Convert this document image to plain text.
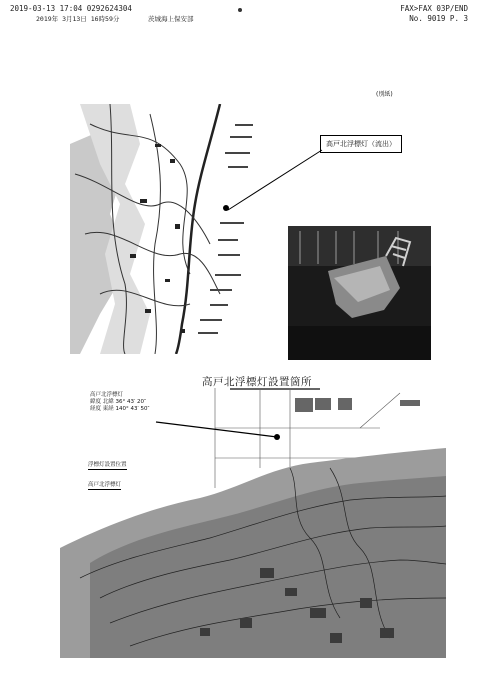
2019-03-13 17:04 0292624304	FAX>FAX 03P/END
2019年 3月13日 16時59分	茨城海上保安部	No. 9019 P. 3
(別紙)
高戸北浮標灯（流出）
高戸北浮標灯設置箇所
高戸北浮標灯
緯度 北緯 36° 43′ 20″
経度 東経 140° 43′ 50″
浮標灯設置位置
高戸北浮標灯
